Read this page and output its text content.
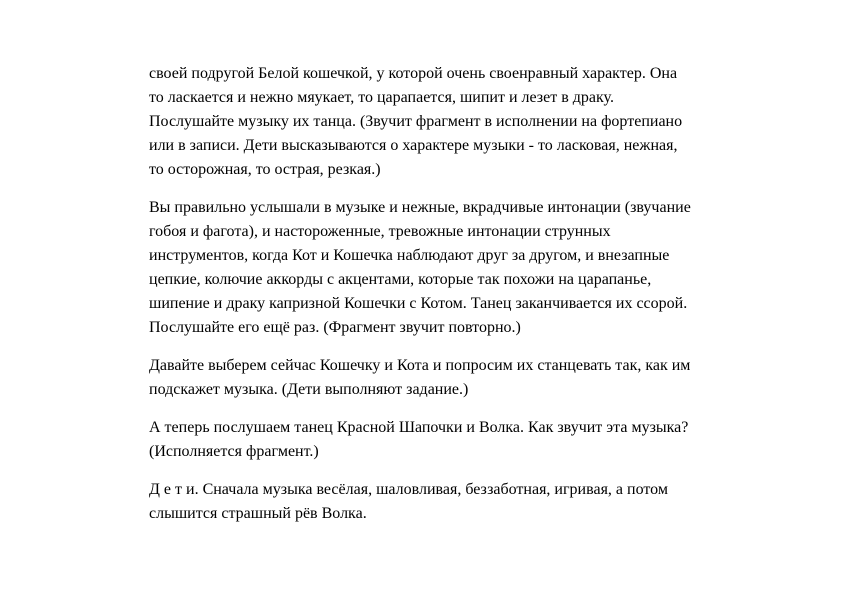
своей подругой Белой кошечкой, у которой очень своенравный характер. Она
то ласкается и нежно мяукает, то царапается, шипит и лезет в драку.
Послушайте музыку их танца. (Звучит фрагмент в исполнении на фортепиано
или в записи. Дети высказываются о характере музыки - то ласковая, нежная,
то осторожная, то острая, резкая.)

Вы правильно услышали в музыке и нежные, вкрадчивые интонации (звучание
гобоя и фагота), и настороженные, тревожные интонации струнных
инструментов, когда Кот и Кошечка наблюдают друг за другом, и внезапные
цепкие, колючие аккорды с акцентами, которые так похожи на царапанье,
шипение и драку капризной Кошечки с Котом. Танец заканчивается их ссорой.
Послушайте его ещё раз. (Фрагмент звучит повторно.)

Давайте выберем сейчас Кошечку и Кота и попросим их станцевать так, как им
подскажет музыка. (Дети выполняют задание.)

А теперь послушаем танец Красной Шапочки и Волка. Как звучит эта музыка?
(Исполняется фрагмент.)

Д е т и. Сначала музыка весёлая, шаловливая, беззаботная, игривая, а потом
слышится страшный рёв Волка.
